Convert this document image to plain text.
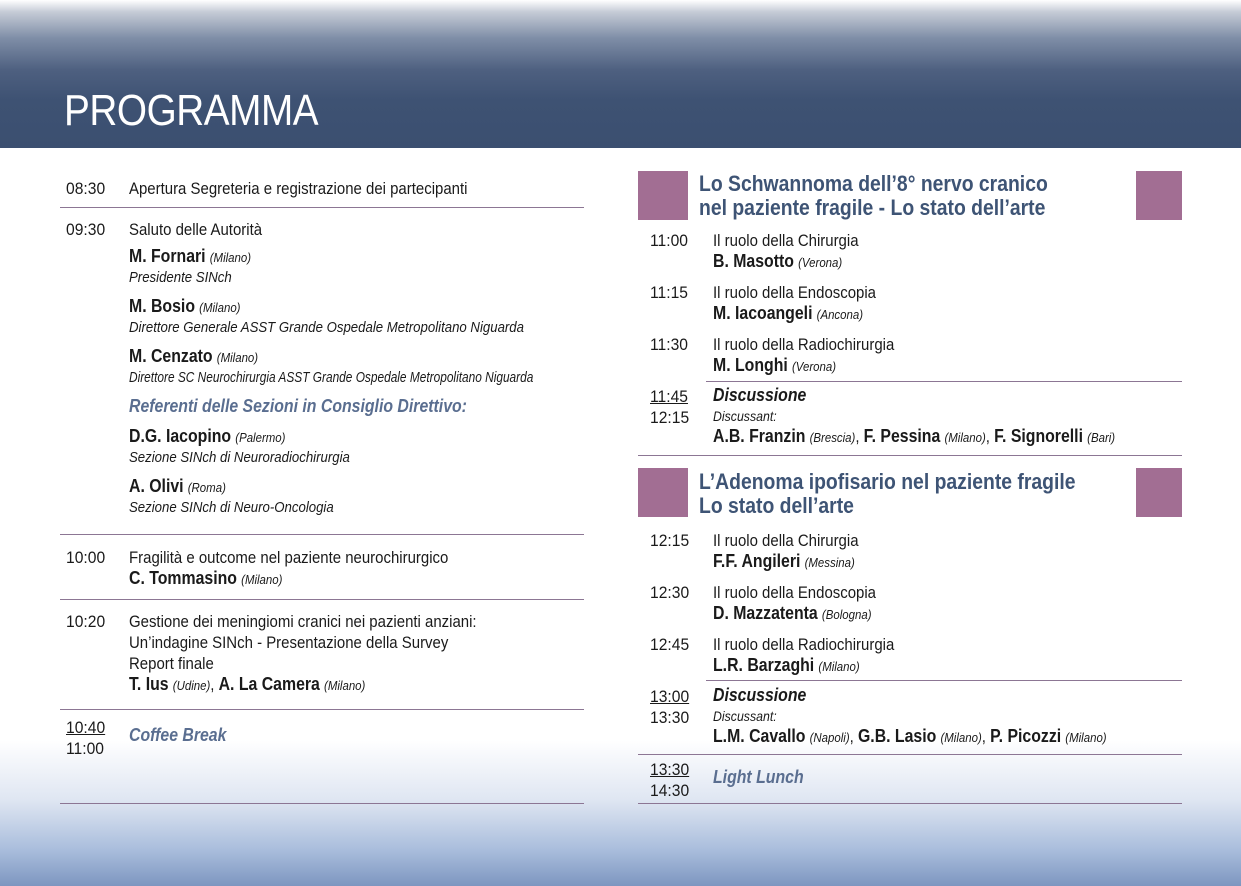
PROGRAMMA
08:30 Apertura Segreteria e registrazione dei partecipanti
09:30 Saluto delle Autorità
M. Fornari (Milano)
Presidente SINch
M. Bosio (Milano)
Direttore Generale ASST Grande Ospedale Metropolitano Niguarda
M. Cenzato (Milano)
Direttore SC Neurochirurgia ASST Grande Ospedale Metropolitano Niguarda
Referenti delle Sezioni in Consiglio Direttivo:
D.G. Iacopino (Palermo)
Sezione SINch di Neuroradiochirurgia
A. Olivi (Roma)
Sezione SINch di Neuro-Oncologia
10:00 Fragilità e outcome nel paziente neurochirurgico
C. Tommasino (Milano)
10:20 Gestione dei meningiomi cranici nei pazienti anziani:
Un’indagine SINch - Presentazione della Survey
Report finale
T. Ius (Udine), A. La Camera (Milano)
10:40
11:00
Coffee Break
Lo Schwannoma dell’8° nervo cranico
nel paziente fragile - Lo stato dell’arte
11:00 Il ruolo della Chirurgia
B. Masotto (Verona)
11:15 Il ruolo della Endoscopia
M. Iacoangeli (Ancona)
11:30 Il ruolo della Radiochirurgia
M. Longhi (Verona)
11:45
12:15
Discussione
Discussant:
A.B. Franzin (Brescia), F. Pessina (Milano), F. Signorelli (Bari)
L’Adenoma ipofisario nel paziente fragile
Lo stato dell’arte
12:15 Il ruolo della Chirurgia
F.F. Angileri (Messina)
12:30 Il ruolo della Endoscopia
D. Mazzatenta (Bologna)
12:45 Il ruolo della Radiochirurgia
L.R. Barzaghi (Milano)
13:00
13:30
Discussione
Discussant:
L.M. Cavallo (Napoli), G.B. Lasio (Milano), P. Picozzi (Milano)
13:30
14:30
Light Lunch
